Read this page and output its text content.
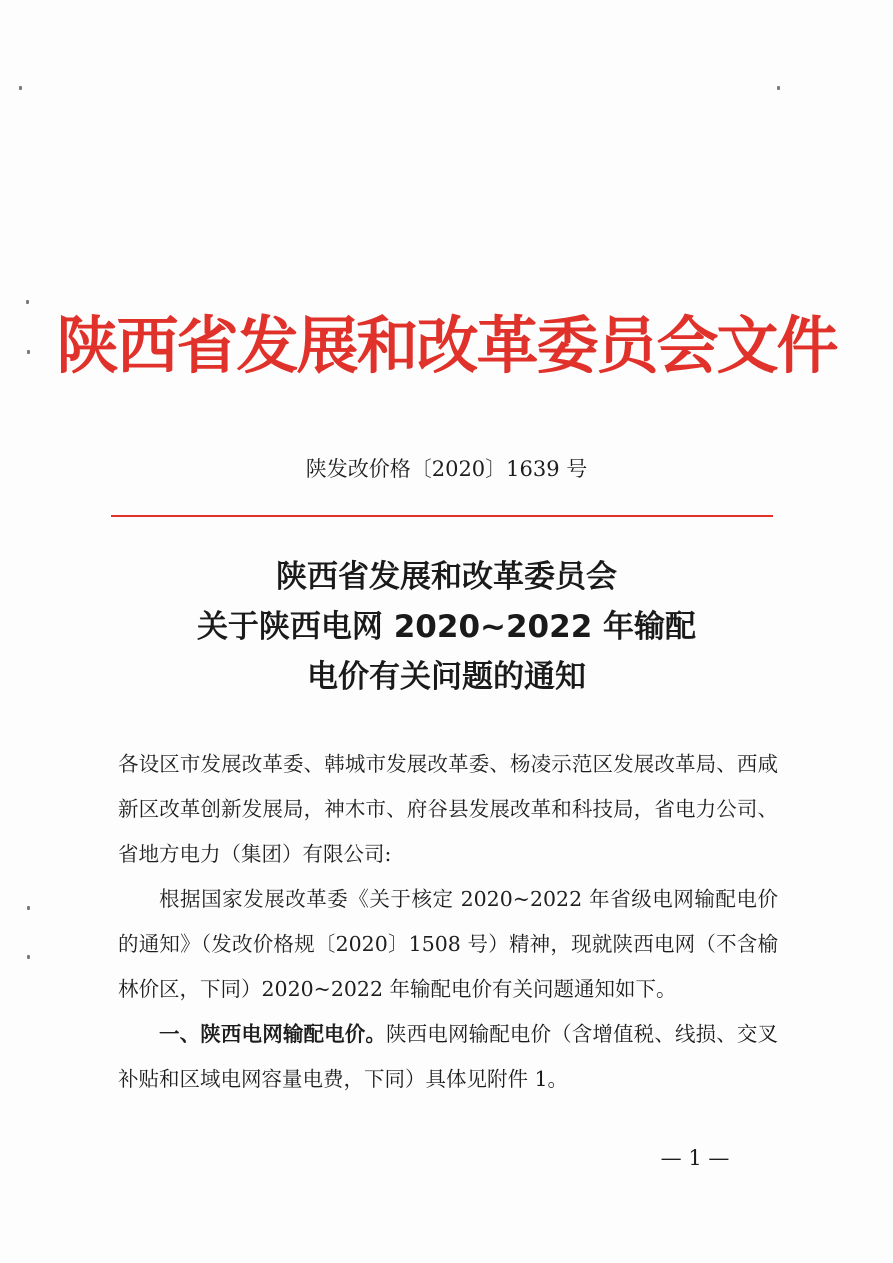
陕西省发展和改革委员会文件
陕发改价格〔2020〕1639 号
陕西省发展和改革委员会
关于陕西电网 2020~2022 年输配
电价有关问题的通知

各设区市发展改革委、韩城市发展改革委、杨凌示范区发展改革局、西咸新区改革创新发展局，神木市、府谷县发展改革和科技局，省电力公司、省地方电力（集团）有限公司:

根据国家发展改革委《关于核定 2020~2022 年省级电网输配电价的通知》（发改价格规〔2020〕1508 号）精神，现就陕西电网（不含榆林价区，下同）2020~2022 年输配电价有关问题通知如下。

一、陕西电网输配电价。陕西电网输配电价（含增值税、线损、交叉补贴和区域电网容量电费，下同）具体见附件 1。

— 1 —
